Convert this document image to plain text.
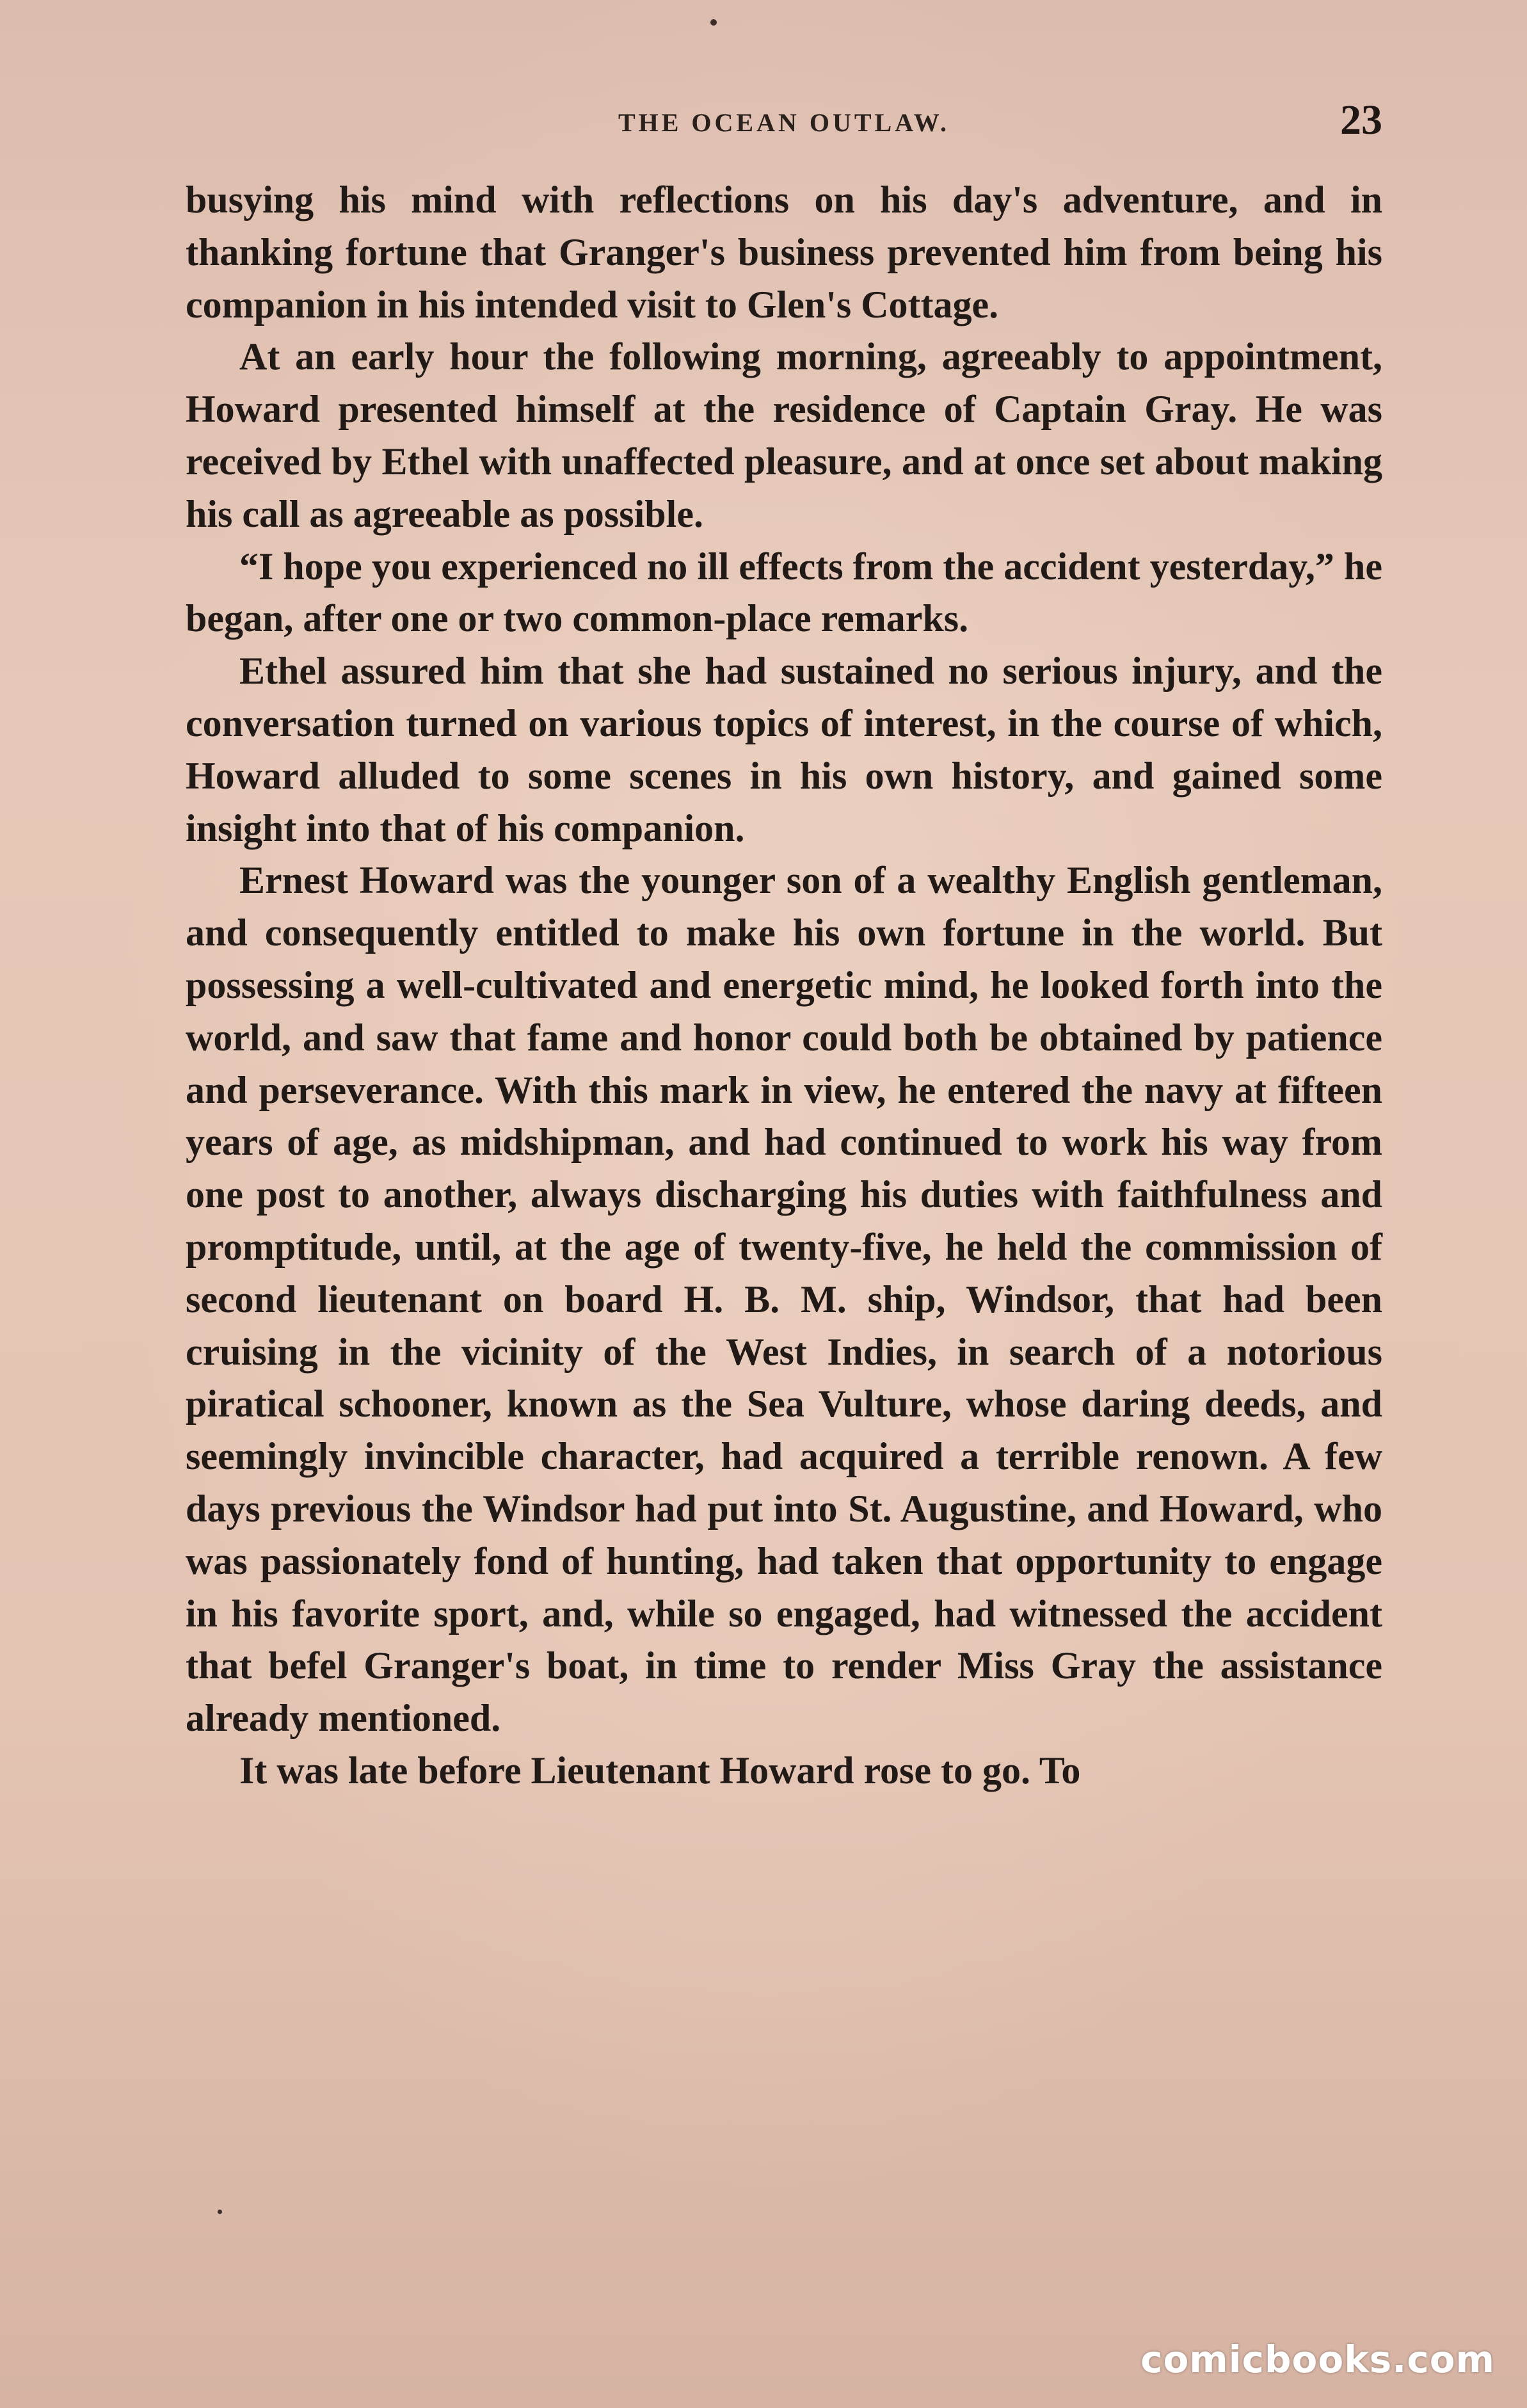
THE OCEAN OUTLAW.	23

busying his mind with reflections on his day's adventure, and in thanking fortune that Granger's business prevented him from being his companion in his intended visit to Glen's Cottage.

At an early hour the following morning, agreeably to appointment, Howard presented himself at the residence of Captain Gray. He was received by Ethel with unaffected pleasure, and at once set about making his call as agreeable as possible.

“I hope you experienced no ill effects from the accident yesterday,” he began, after one or two common-place remarks.

Ethel assured him that she had sustained no serious injury, and the conversation turned on various topics of interest, in the course of which, Howard alluded to some scenes in his own history, and gained some insight into that of his companion.

Ernest Howard was the younger son of a wealthy English gentleman, and consequently entitled to make his own fortune in the world. But possessing a well-cultivated and energetic mind, he looked forth into the world, and saw that fame and honor could both be obtained by patience and perseverance. With this mark in view, he entered the navy at fifteen years of age, as midshipman, and had continued to work his way from one post to another, always discharging his duties with faithfulness and promptitude, until, at the age of twenty-five, he held the commission of second lieutenant on board H. B. M. ship, Windsor, that had been cruising in the vicinity of the West Indies, in search of a notorious piratical schooner, known as the Sea Vulture, whose daring deeds, and seemingly invincible character, had acquired a terrible renown. A few days previous the Windsor had put into St. Augustine, and Howard, who was passionately fond of hunting, had taken that opportunity to engage in his favorite sport, and, while so engaged, had witnessed the accident that befel Granger's boat, in time to render Miss Gray the assistance already mentioned.

It was late before Lieutenant Howard rose to go. To

comicbooks.com
